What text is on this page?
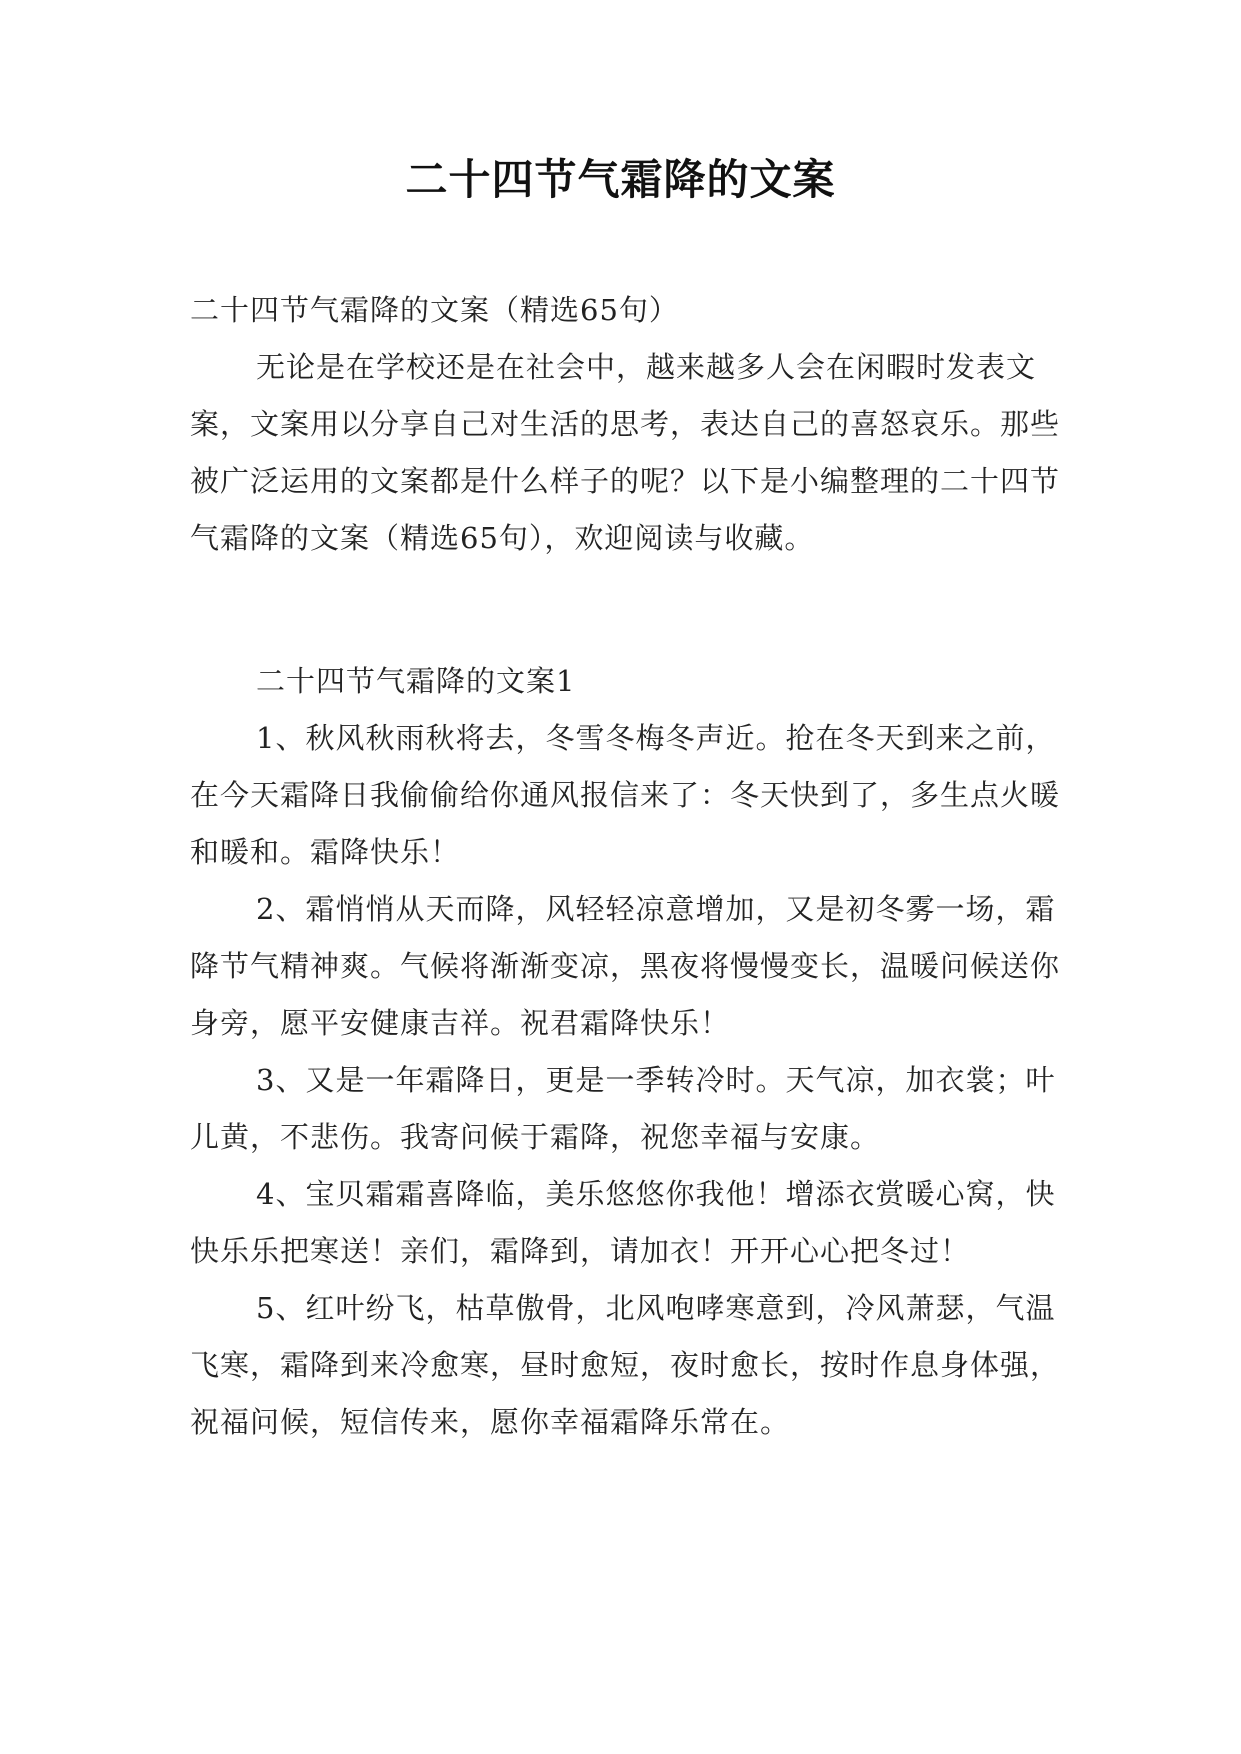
二十四节气霜降的文案

二十四节气霜降的文案（精选65句）

无论是在学校还是在社会中，越来越多人会在闲暇时发表文案，文案用以分享自己对生活的思考，表达自己的喜怒哀乐。那些被广泛运用的文案都是什么样子的呢？以下是小编整理的二十四节气霜降的文案（精选65句），欢迎阅读与收藏。

二十四节气霜降的文案1

1、秋风秋雨秋将去，冬雪冬梅冬声近。抢在冬天到来之前，在今天霜降日我偷偷给你通风报信来了：冬天快到了，多生点火暖和暖和。霜降快乐！

2、霜悄悄从天而降，风轻轻凉意增加，又是初冬雾一场，霜降节气精神爽。气候将渐渐变凉，黑夜将慢慢变长，温暖问候送你身旁，愿平安健康吉祥。祝君霜降快乐！

3、又是一年霜降日，更是一季转冷时。天气凉，加衣裳；叶儿黄，不悲伤。我寄问候于霜降，祝您幸福与安康。

4、宝贝霜霜喜降临，美乐悠悠你我他！增添衣赏暖心窝，快快乐乐把寒送！亲们，霜降到，请加衣！开开心心把冬过！

5、红叶纷飞，枯草傲骨，北风咆哮寒意到，冷风萧瑟，气温飞寒，霜降到来冷愈寒，昼时愈短，夜时愈长，按时作息身体强，祝福问候，短信传来，愿你幸福霜降乐常在。
